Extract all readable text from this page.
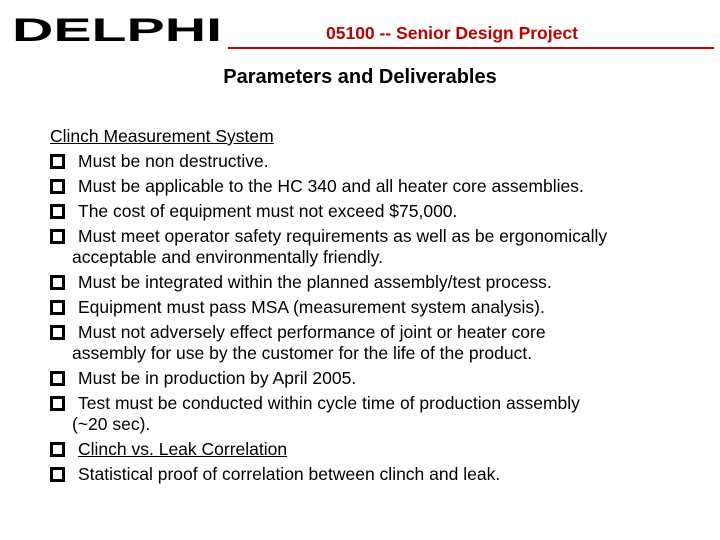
DELPHI	05100 -- Senior Design Project
Parameters and Deliverables
Clinch Measurement System
Must be non destructive.
Must be applicable to the HC 340 and all heater core assemblies.
The cost of equipment must not exceed $75,000.
Must meet operator safety requirements as well as be ergonomically
acceptable and environmentally friendly.
Must be integrated within the planned assembly/test process.
Equipment must pass MSA (measurement system analysis).
Must not adversely effect performance of joint or heater core
assembly for use by the customer for the life of the product.
Must be in production by April 2005.
Test must be conducted within cycle time of production assembly
(~20 sec).
Clinch vs. Leak Correlation
Statistical proof of correlation between clinch and leak.
